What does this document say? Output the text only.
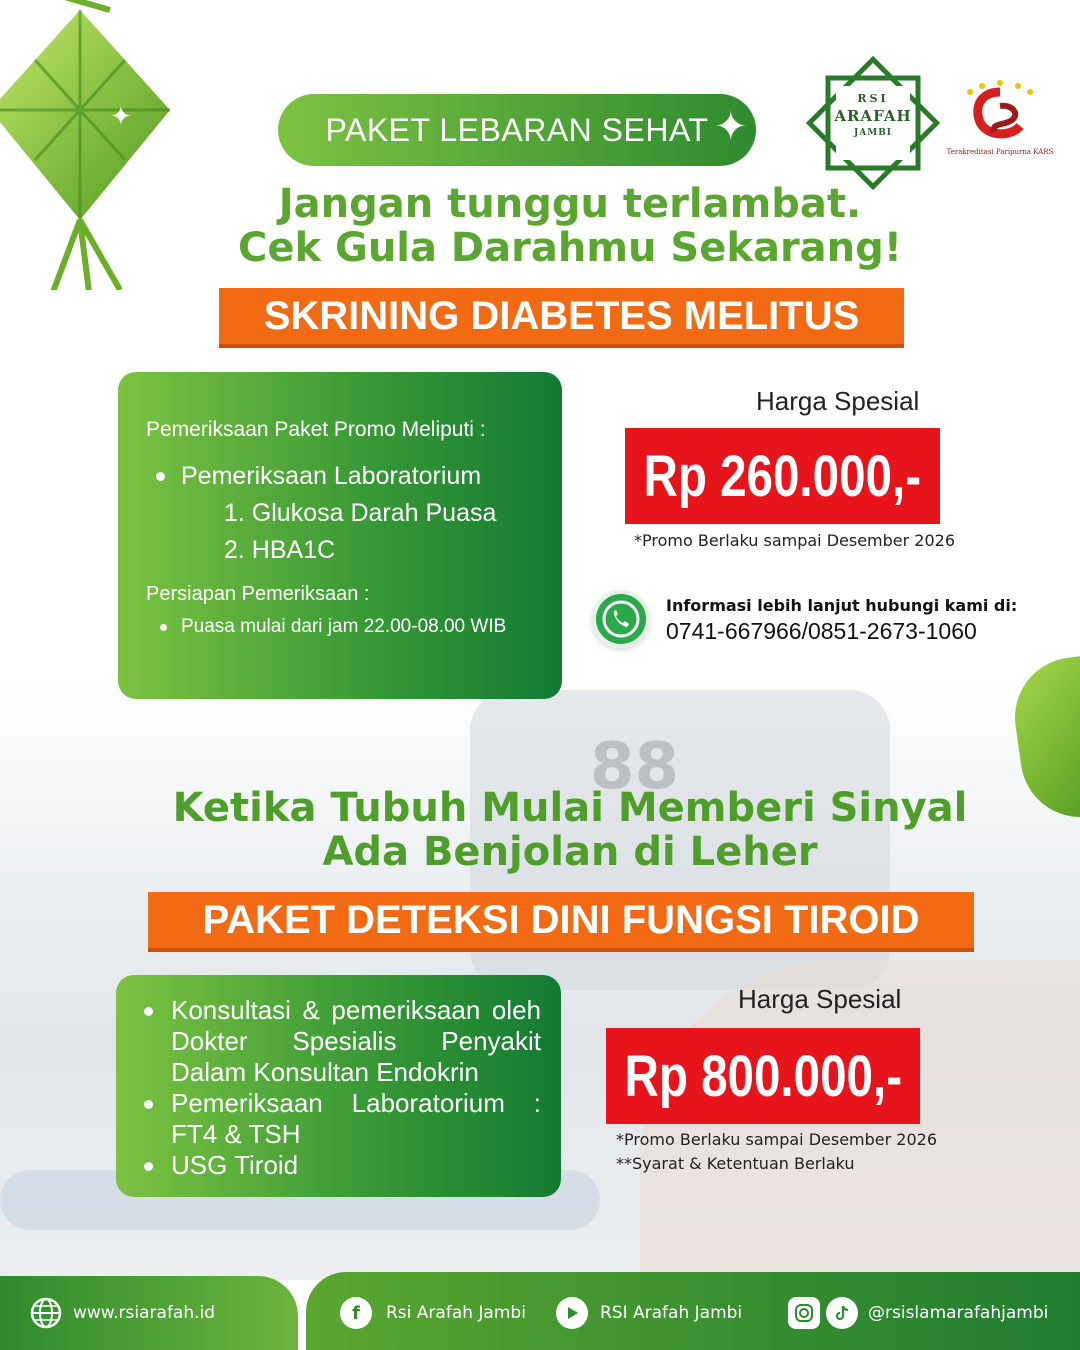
88
✦	PAKET LEBARAN SEHAT ✦
RSI
ARAFAH
JAMBI
Terakreditasi Paripurna KARS
Jangan tunggu terlambat.
Cek Gula Darahmu Sekarang!
SKRINING DIABETES MELITUS
Pemeriksaan Paket Promo Meliputi :
Pemeriksaan Laboratorium
1. Glukosa Darah Puasa
2. HBA1C
Persiapan Pemeriksaan :
Puasa mulai dari jam 22.00-08.00 WIB
Harga Spesial
Rp 260.000,-
*Promo Berlaku sampai Desember 2026
Informasi lebih lanjut hubungi kami di:
0741-667966/0851-2673-1060
Ketika Tubuh Mulai Memberi Sinyal
Ada Benjolan di Leher
PAKET DETEKSI DINI FUNGSI TIROID
Konsultasi & pemeriksaan oleh Dokter Spesialis Penyakit Dalam Konsultan Endokrin
Pemeriksaan Laboratorium : FT4 & TSH
USG Tiroid
Harga Spesial
Rp 800.000,-
*Promo Berlaku sampai Desember 2026
**Syarat & Ketentuan Berlaku
www.rsiarafah.id	f	Rsi Arafah Jambi	RSI Arafah Jambi	@rsislamarafahjambi
